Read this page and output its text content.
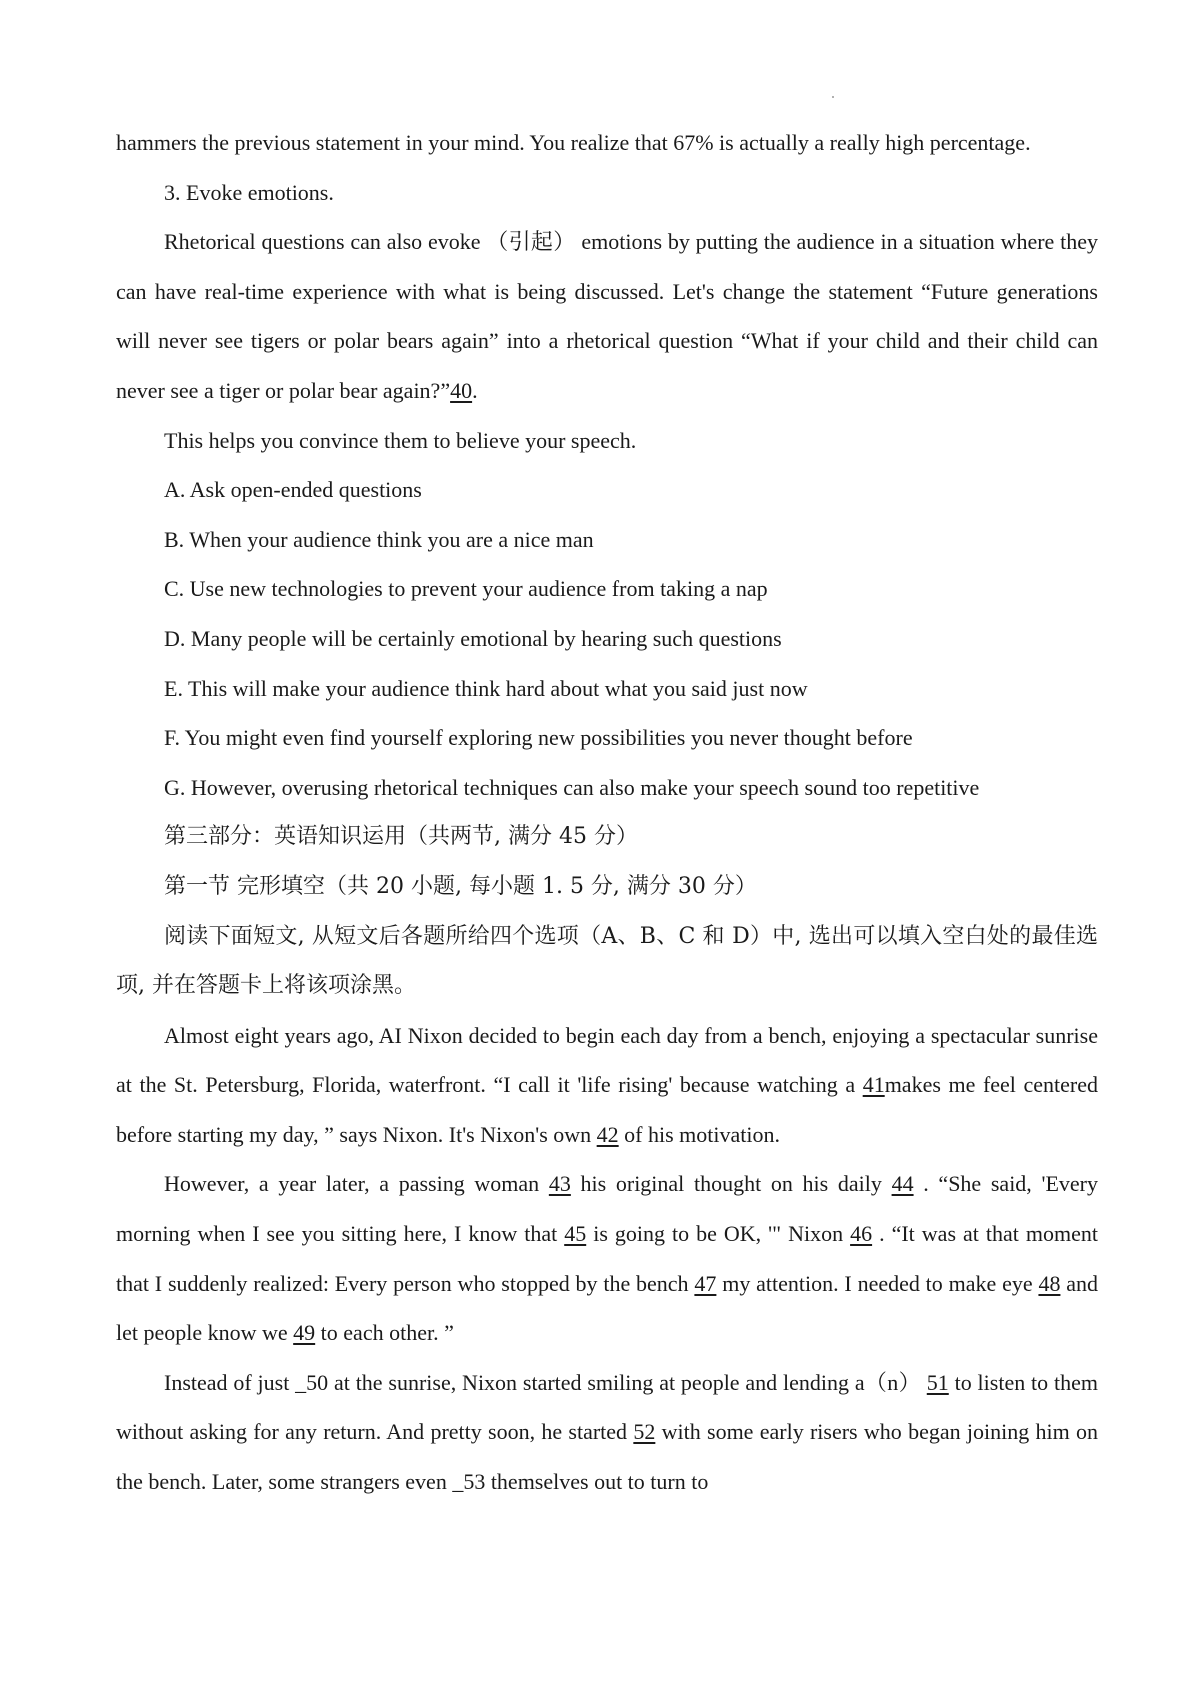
hammers the previous statement in your mind. You realize that 67% is actually a really high percentage.

3. Evoke emotions.

Rhetorical questions can also evoke （引起） emotions by putting the audience in a situation where they can have real-time experience with what is being discussed. Let's change the statement “Future generations will never see tigers or polar bears again” into a rhetorical question “What if your child and their child can never see a tiger or polar bear again?”40.

This helps you convince them to believe your speech.

A. Ask open-ended questions

B. When your audience think you are a nice man

C. Use new technologies to prevent your audience from taking a nap

D. Many people will be certainly emotional by hearing such questions

E. This will make your audience think hard about what you said just now

F. You might even find yourself exploring new possibilities you never thought before

G. However, overusing rhetorical techniques can also make your speech sound too repetitive

第三部分：英语知识运用（共两节, 满分 45 分）

第一节 完形填空（共 20 小题, 每小题 1. 5 分, 满分 30 分）

阅读下面短文, 从短文后各题所给四个选项（A、B、C 和 D）中, 选出可以填入空白处的最佳选项, 并在答题卡上将该项涂黑。

Almost eight years ago, AI Nixon decided to begin each day from a bench, enjoying a spectacular sunrise at the St. Petersburg, Florida, waterfront. “I call it 'life rising' because watching a 41makes me feel centered before starting my day, ” says Nixon. It's Nixon's own 42 of his motivation.

However, a year later, a passing woman 43 his original thought on his daily 44 . “She said, 'Every morning when I see you sitting here, I know that 45 is going to be OK, '" Nixon 46 . “It was at that moment that I suddenly realized: Every person who stopped by the bench 47 my attention. I needed to make eye 48 and let people know we 49 to each other. ”

Instead of just _50 at the sunrise, Nixon started smiling at people and lending a（n） 51 to listen to them without asking for any return. And pretty soon, he started 52 with some early risers who began joining him on the bench. Later, some strangers even _53 themselves out to turn to
